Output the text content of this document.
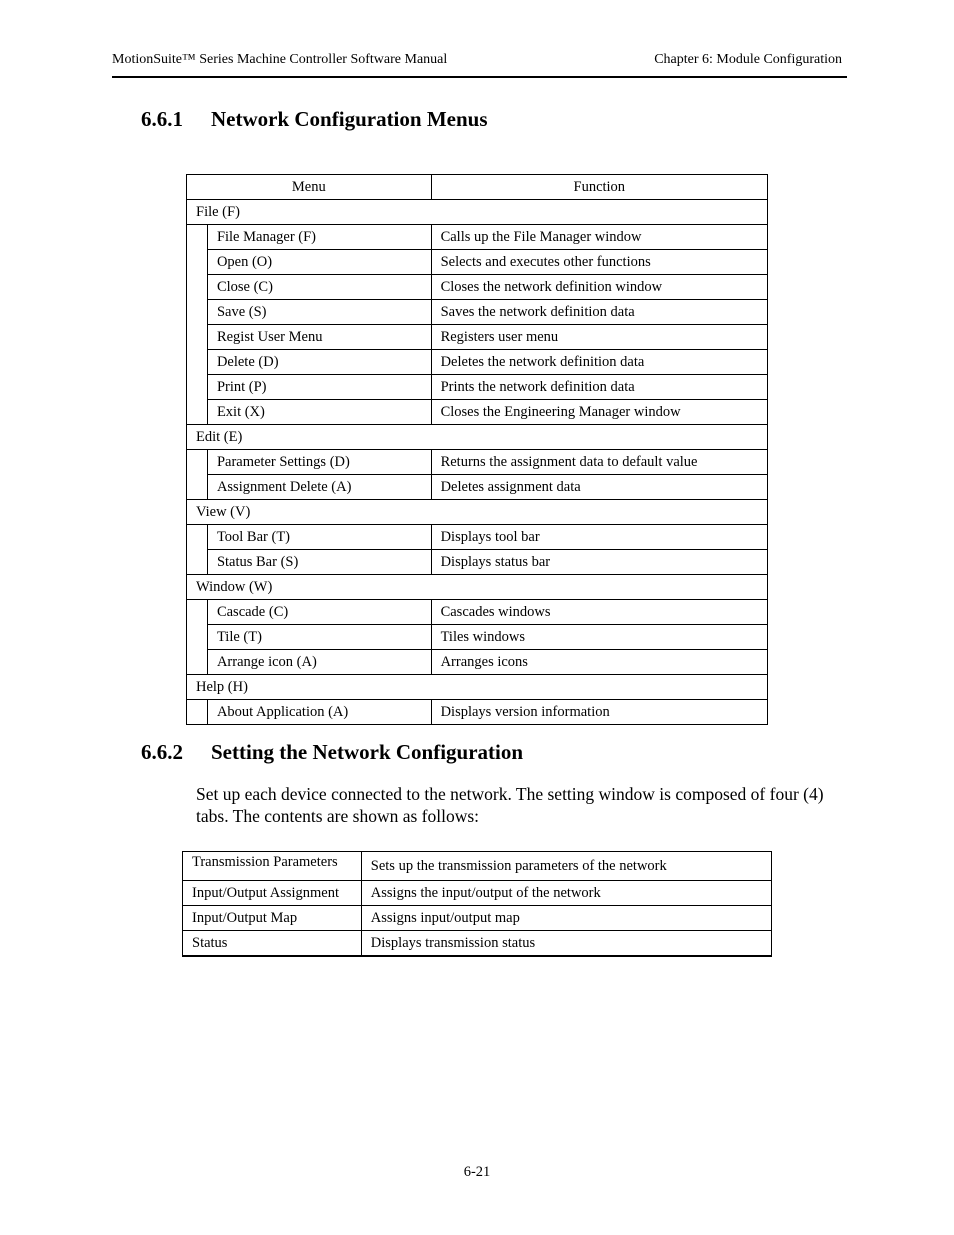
MotionSuite™ Series Machine Controller Software Manual	Chapter 6: Module Configuration
6.6.1 Network Configuration Menus
Menu		Function
File (F)		
	File Manager (F)	Calls up the File Manager window
	Open (O)	Selects and executes other functions
	Close (C)	Closes the network definition window
	Save (S)	Saves the network definition data
	Regist User Menu	Registers user menu
	Delete (D)	Deletes the network definition data
	Print (P)	Prints the network definition data
	Exit (X)	Closes the Engineering Manager window
Edit (E)		
	Parameter Settings (D)	Returns the assignment data to default value
	Assignment Delete (A)	Deletes assignment data
View (V)		
	Tool Bar (T)	Displays tool bar
	Status Bar (S)	Displays status bar
Window (W)		
	Cascade (C)	Cascades windows
	Tile (T)	Tiles windows
	Arrange icon (A)	Arranges icons
Help (H)		
	About Application (A)	Displays version information
6.6.2 Setting the Network Configuration
Set up each device connected to the network. The setting window is composed of four (4) tabs. The contents are shown as follows:
Transmission Parameters	Sets up the transmission parameters of the network
Input/Output Assignment	Assigns the input/output of the network
Input/Output Map	Assigns input/output map
Status	Displays transmission status
6-21
